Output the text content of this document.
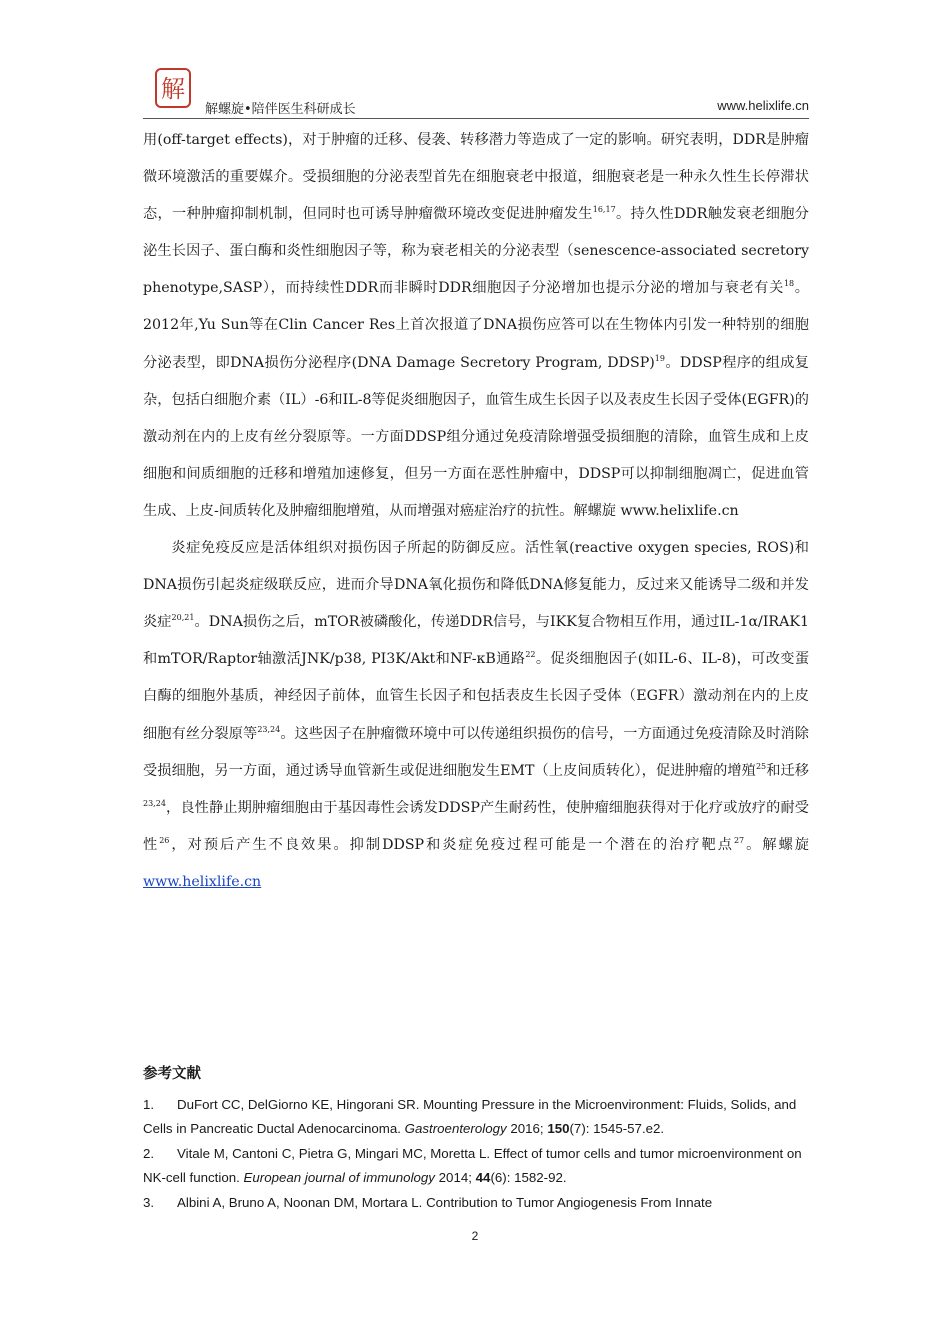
解
解螺旋•陪伴医生科研成长	www.helixlife.cn

用(off-target effects)，对于肿瘤的迁移、侵袭、转移潜力等造成了一定的影响。研究表明，DDR是肿瘤微环境激活的重要媒介。受损细胞的分泌表型首先在细胞衰老中报道，细胞衰老是一种永久性生长停滞状态，一种肿瘤抑制机制，但同时也可诱导肿瘤微环境改变促进肿瘤发生$^{16,17}$。持久性DDR触发衰老细胞分泌生长因子、蛋白酶和炎性细胞因子等，称为衰老相关的分泌表型（senescence-associated secretory phenotype,SASP），而持续性DDR而非瞬时DDR细胞因子分泌增加也提示分泌的增加与衰老有关$^{18}$。2012年,Yu Sun等在Clin Cancer Res上首次报道了DNA损伤应答可以在生物体内引发一种特别的细胞分泌表型，即DNA损伤分泌程序(DNA Damage Secretory Program, DDSP)$^{19}$。DDSP程序的组成复杂，包括白细胞介素（IL）-6和IL-8等促炎细胞因子，血管生成生长因子以及表皮生长因子受体(EGFR)的激动剂在内的上皮有丝分裂原等。一方面DDSP组分通过免疫清除增强受损细胞的清除，血管生成和上皮细胞和间质细胞的迁移和增殖加速修复，但另一方面在恶性肿瘤中，DDSP可以抑制细胞凋亡，促进血管生成、上皮-间质转化及肿瘤细胞增殖，从而增强对癌症治疗的抗性。解螺旋 www.helixlife.cn

炎症免疫反应是活体组织对损伤因子所起的防御反应。活性氧(reactive oxygen species, ROS)和DNA损伤引起炎症级联反应，进而介导DNA氧化损伤和降低DNA修复能力，反过来又能诱导二级和并发炎症$^{20,21}$。DNA损伤之后，mTOR被磷酸化，传递DDR信号，与IKK复合物相互作用，通过IL-1α/IRAK1和mTOR/Raptor轴激活JNK/p38, PI3K/Akt和NF-κB通路$^{22}$。促炎细胞因子(如IL-6、IL-8)，可改变蛋白酶的细胞外基质，神经因子前体，血管生长因子和包括表皮生长因子受体（EGFR）激动剂在内的上皮细胞有丝分裂原等$^{23,24}$。这些因子在肿瘤微环境中可以传递组织损伤的信号，一方面通过免疫清除及时消除受损细胞，另一方面，通过诱导血管新生或促进细胞发生EMT（上皮间质转化），促进肿瘤的增殖$^{25}$和迁移$^{23,24}$，良性静止期肿瘤细胞由于基因毒性会诱发DDSP产生耐药性，使肿瘤细胞获得对于化疗或放疗的耐受性$^{26}$，对预后产生不良效果。抑制DDSP和炎症免疫过程可能是一个潜在的治疗靶点$^{27}$。解螺旋 www.helixlife.cn

参考文献
1. DuFort CC, DelGiorno KE, Hingorani SR. Mounting Pressure in the Microenvironment: Fluids, Solids, and Cells in Pancreatic Ductal Adenocarcinoma. Gastroenterology 2016; 150(7): 1545-57.e2.
2. Vitale M, Cantoni C, Pietra G, Mingari MC, Moretta L. Effect of tumor cells and tumor microenvironment on NK-cell function. European journal of immunology 2014; 44(6): 1582-92.
3. Albini A, Bruno A, Noonan DM, Mortara L. Contribution to Tumor Angiogenesis From Innate
2
